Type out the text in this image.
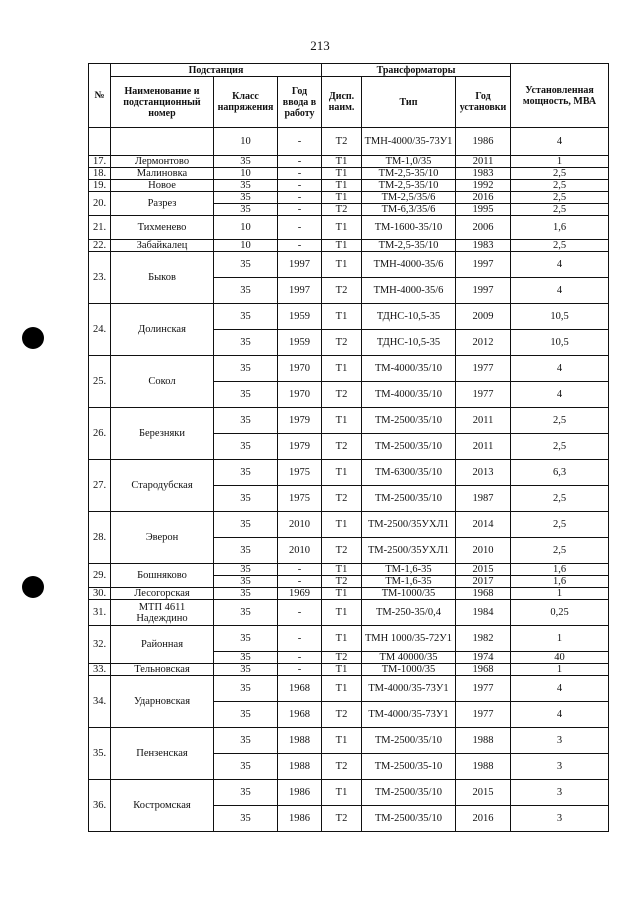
213
№	Подстанция			Трансформаторы			Установленная мощность, МВА
	Наименование и подстанционный номер	Класс напряжения	Год ввода в работу	Дисп. наим.	Тип	Год установки	
		10	-	Т2	ТМН-4000/35-73У1	1986	4
17.	Лермонтово	35	-	Т1	ТМ-1,0/35	2011	1
18.	Малиновка	10	-	Т1	ТМ-2,5-35/10	1983	2,5
19.	Новое	35	-	Т1	ТМ-2,5-35/10	1992	2,5
20.	Разрез	35	-	Т1	ТМ-2,5/35/6	2016	2,5
		35	-	Т2	ТМ-6,3/35/6	1995	2,5
21.	Тихменево	10	-	Т1	ТМ-1600-35/10	2006	1,6
22.	Забайкалец	10	-	Т1	ТМ-2,5-35/10	1983	2,5
23.	Быков	35	1997	Т1	ТМН-4000-35/6	1997	4
		35	1997	Т2	ТМН-4000-35/6	1997	4
24.	Долинская	35	1959	Т1	ТДНС-10,5-35	2009	10,5
		35	1959	Т2	ТДНС-10,5-35	2012	10,5
25.	Сокол	35	1970	Т1	ТМ-4000/35/10	1977	4
		35	1970	Т2	ТМ-4000/35/10	1977	4
26.	Березняки	35	1979	Т1	ТМ-2500/35/10	2011	2,5
		35	1979	Т2	ТМ-2500/35/10	2011	2,5
27.	Стародубская	35	1975	Т1	ТМ-6300/35/10	2013	6,3
		35	1975	Т2	ТМ-2500/35/10	1987	2,5
28.	Эверон	35	2010	Т1	ТМ-2500/35УХЛ1	2014	2,5
		35	2010	Т2	ТМ-2500/35УХЛ1	2010	2,5
29.	Бошняково	35	-	Т1	ТМ-1,6-35	2015	1,6
		35	-	Т2	ТМ-1,6-35	2017	1,6
30.	Лесогорская	35	1969	Т1	ТМ-1000/35	1968	1
31.	МТП 4611 Надеждино	35	-	Т1	ТМ-250-35/0,4	1984	0,25
32.	Районная	35	-	Т1	ТМН 1000/35-72У1	1982	1
		35	-	Т2	ТМ 40000/35	1974	40
33.	Тельновская	35	-	Т1	ТМ-1000/35	1968	1
34.	Ударновская	35	1968	Т1	ТМ-4000/35-73У1	1977	4
		35	1968	Т2	ТМ-4000/35-73У1	1977	4
35.	Пензенская	35	1988	Т1	ТМ-2500/35/10	1988	3
		35	1988	Т2	ТМ-2500/35-10	1988	3
36.	Костромская	35	1986	Т1	ТМ-2500/35/10	2015	3
		35	1986	Т2	ТМ-2500/35/10	2016	3
